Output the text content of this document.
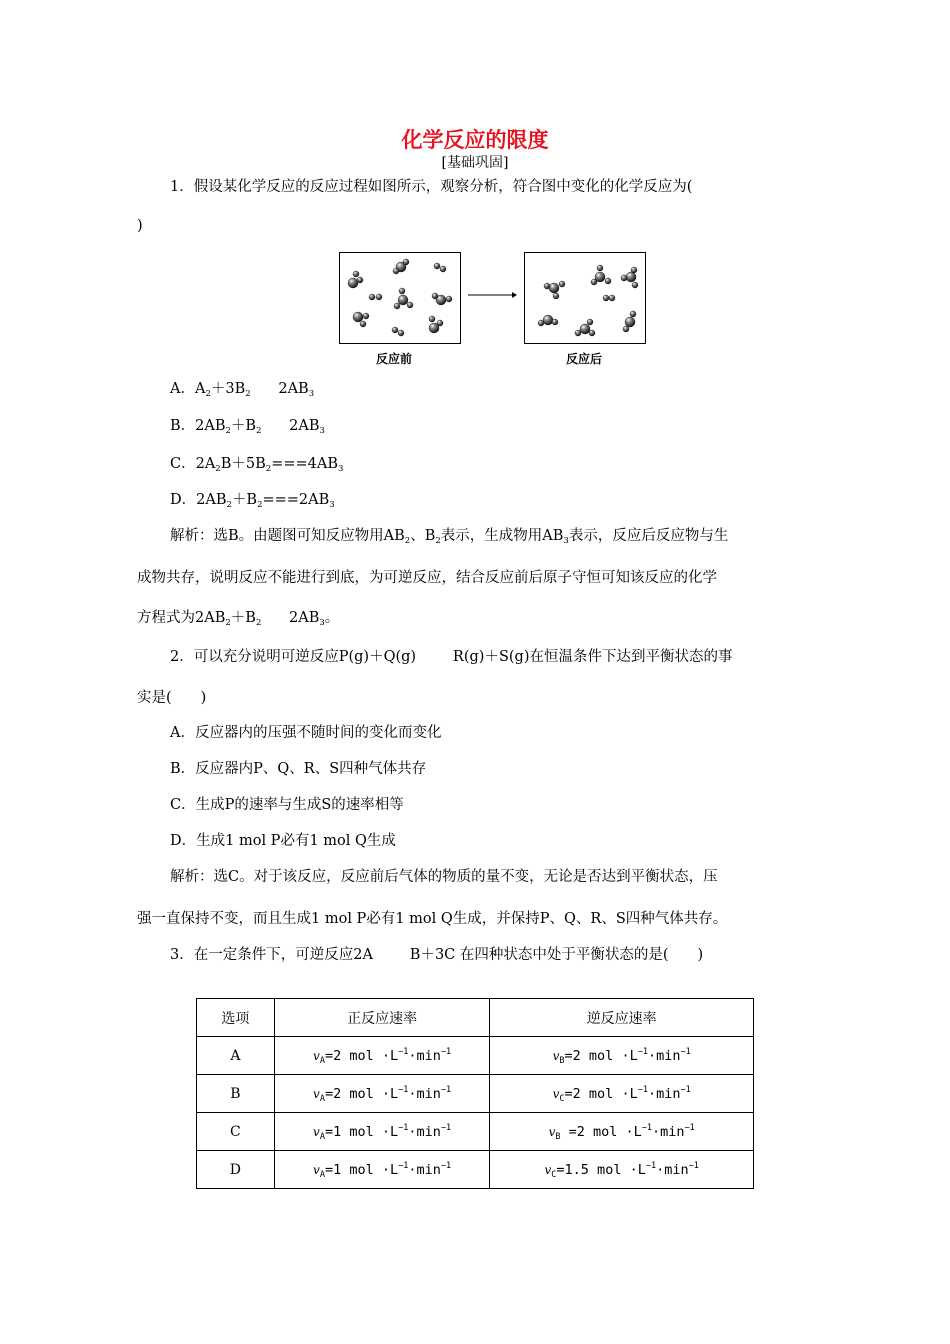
化学反应的限度
[基础巩固]
1．假设某化学反应的反应过程如图所示，观察分析，符合图中变化的化学反应为(
)
反应前	反应后
A．$A_2+3B_2$      $2AB_3$
B．$2AB_2+B_2$      $2AB_3$
C．$2A_2B+5B_2===4AB_3$
D．$2AB_2+B_2===2AB_3$
解析：选B。由题图可知反应物用$AB_2$、$B_2$表示，生成物用$AB_3$表示，反应后反应物与生
成物共存，说明反应不能进行到底，为可逆反应，结合反应前后原子守恒可知该反应的化学
方程式为$2AB_2+B_2$      $2AB_3$。
2．可以充分说明可逆反应P(g)＋Q(g)        R(g)＋S(g)在恒温条件下达到平衡状态的事
实是(　　)
A．反应器内的压强不随时间的变化而变化
B．反应器内P、Q、R、S四种气体共存
C．生成P的速率与生成S的速率相等
D．生成1 mol P必有1 mol Q生成
解析：选C。对于该反应，反应前后气体的物质的量不变，无论是否达到平衡状态，压
强一直保持不变，而且生成1 mol P必有1 mol Q生成，并保持P、Q、R、S四种气体共存。
3．在一定条件下，可逆反应2A        B＋3C 在四种状态中处于平衡状态的是(　　)
选项	正反应速率	逆反应速率
A	$v_A=2$ mol $\cdot L^{-1}\cdot\min^{-1}$	$v_B=2$ mol $\cdot L^{-1}\cdot\min^{-1}$
B	$v_A=2$ mol $\cdot L^{-1}\cdot\min^{-1}$	$v_C=2$ mol $\cdot L^{-1}\cdot\min^{-1}$
C	$v_A=1$ mol $\cdot L^{-1}\cdot\min^{-1}$	$v_B =2$ mol $\cdot L^{-1}\cdot\min^{-1}$
D	$v_A=1$ mol $\cdot L^{-1}\cdot\min^{-1}$	$v_C=1.5$ mol $\cdot L^{-1}\cdot\min^{-1}$
